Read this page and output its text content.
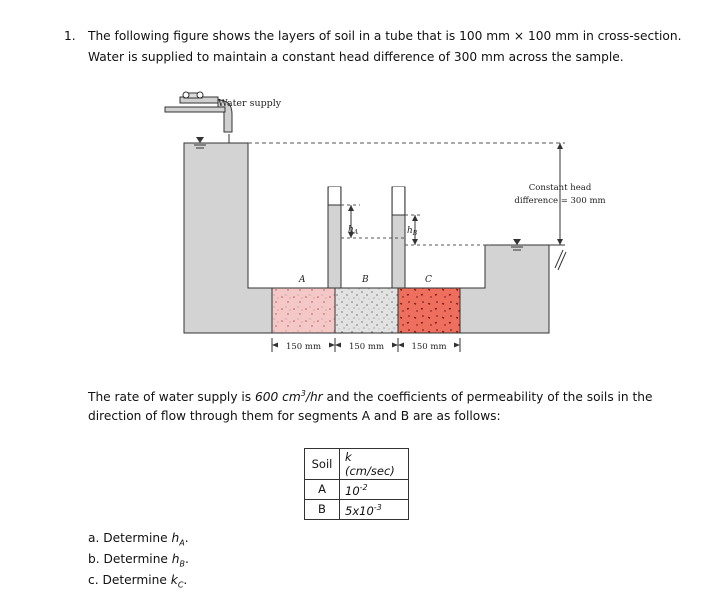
1. The following figure shows the layers of soil in a tube that is 100 mm × 100 mm in cross-section.
Water is supplied to maintain a constant head difference of 300 mm across the sample.
Water supply
$h_A$	$h_B$
Constant head
difference = 300 mm
A	B	C
150 mm	150 mm	150 mm
The rate of water supply is 600 $cm^3/hr$ and the coefficients of permeability of the soils in the
direction of flow through them for segments A and B are as follows:
Soil	k (cm/sec)
A	$10^{-2}$
B	$5x10^{-3}$
a. Determine $h_A$.
b. Determine $h_B$.
c. Determine $k_C$.
